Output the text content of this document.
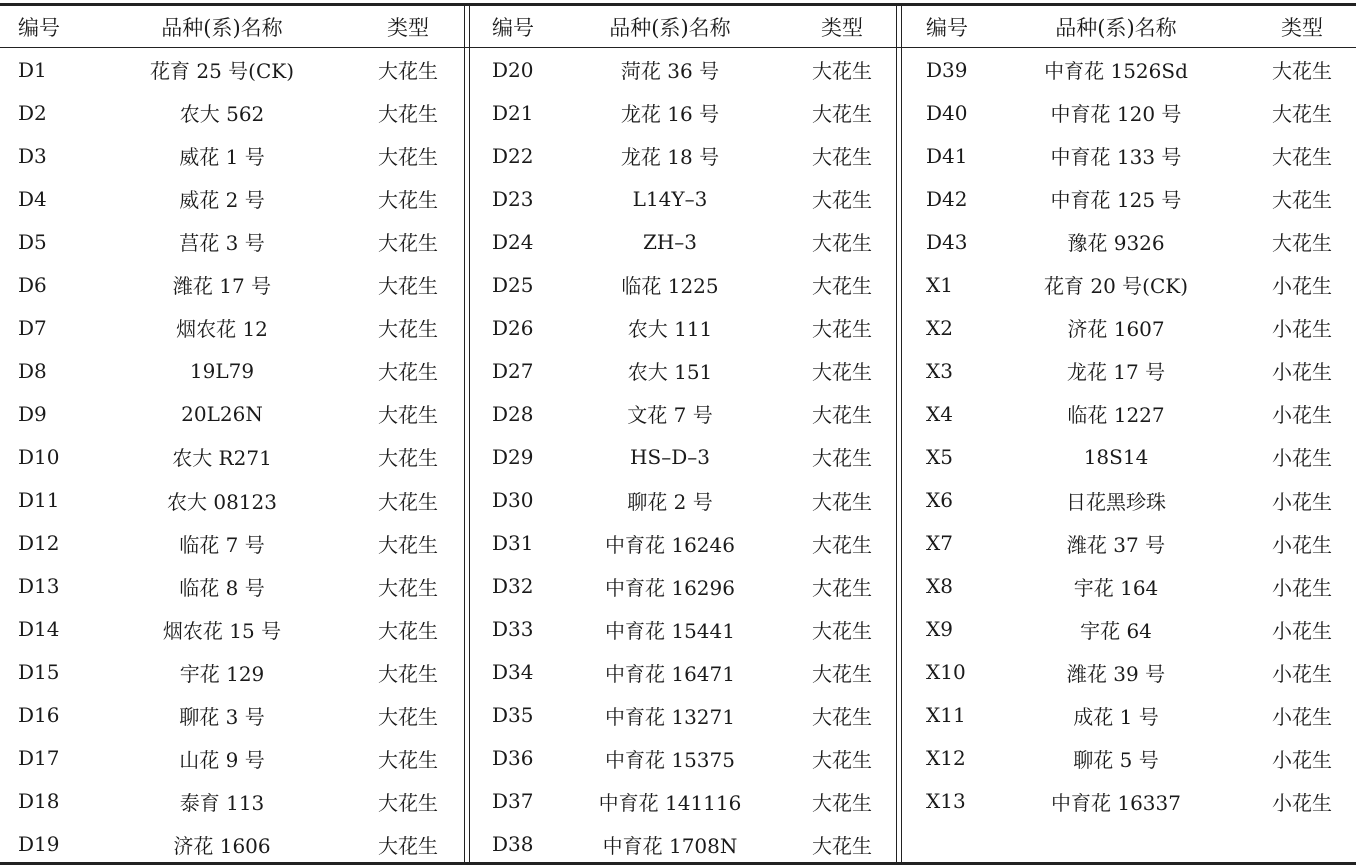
编号	品种(系)名称	类型
D1	花育 25 号(CK)	大花生
D2	农大 562	大花生
D3	威花 1 号	大花生
D4	威花 2 号	大花生
D5	莒花 3 号	大花生
D6	潍花 17 号	大花生
D7	烟农花 12	大花生
D8	19L79	大花生
D9	20L26N	大花生
D10	农大 R271	大花生
D11	农大 08123	大花生
D12	临花 7 号	大花生
D13	临花 8 号	大花生
D14	烟农花 15 号	大花生
D15	宇花 129	大花生
D16	聊花 3 号	大花生
D17	山花 9 号	大花生
D18	泰育 113	大花生
D19	济花 1606	大花生
编号	品种(系)名称	类型
D20	菏花 36 号	大花生
D21	龙花 16 号	大花生
D22	龙花 18 号	大花生
D23	L14Y–3	大花生
D24	ZH–3	大花生
D25	临花 1225	大花生
D26	农大 111	大花生
D27	农大 151	大花生
D28	文花 7 号	大花生
D29	HS–D–3	大花生
D30	聊花 2 号	大花生
D31	中育花 16246	大花生
D32	中育花 16296	大花生
D33	中育花 15441	大花生
D34	中育花 16471	大花生
D35	中育花 13271	大花生
D36	中育花 15375	大花生
D37	中育花 141116	大花生
D38	中育花 1708N	大花生
编号	品种(系)名称	类型
D39	中育花 1526Sd	大花生
D40	中育花 120 号	大花生
D41	中育花 133 号	大花生
D42	中育花 125 号	大花生
D43	豫花 9326	大花生
X1	花育 20 号(CK)	小花生
X2	济花 1607	小花生
X3	龙花 17 号	小花生
X4	临花 1227	小花生
X5	18S14	小花生
X6	日花黑珍珠	小花生
X7	潍花 37 号	小花生
X8	宇花 164	小花生
X9	宇花 64	小花生
X10	潍花 39 号	小花生
X11	成花 1 号	小花生
X12	聊花 5 号	小花生
X13	中育花 16337	小花生
